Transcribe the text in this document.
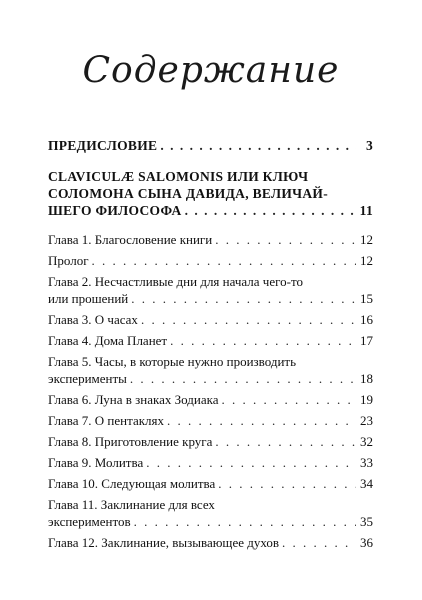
Содержание
ПРЕДИСЛОВИЕ . . .	3
CLAVICULÆ SALOMONIS ИЛИ КЛЮЧ
СОЛОМОНА СЫНА ДАВИДА, ВЕЛИЧАЙ-
ШЕГО ФИЛОСОФА . . .	11
Глава 1. Благословение книги . . .	12
Пролог . . .	12
Глава 2. Несчастливые дни для начала чего-то
или прошений . . .	15
Глава 3. О часах . . .	16
Глава 4. Дома Планет . . .	17
Глава 5. Часы, в которые нужно производить
эксперименты . . .	18
Глава 6. Луна в знаках Зодиака . . .	19
Глава 7. О пентаклях . . .	23
Глава 8. Приготовление круга . . .	32
Глава 9. Молитва . . .	33
Глава 10. Следующая молитва . . .	34
Глава 11. Заклинание для всех
экспериментов . . .	35
Глава 12. Заклинание, вызывающее духов . . .	36
